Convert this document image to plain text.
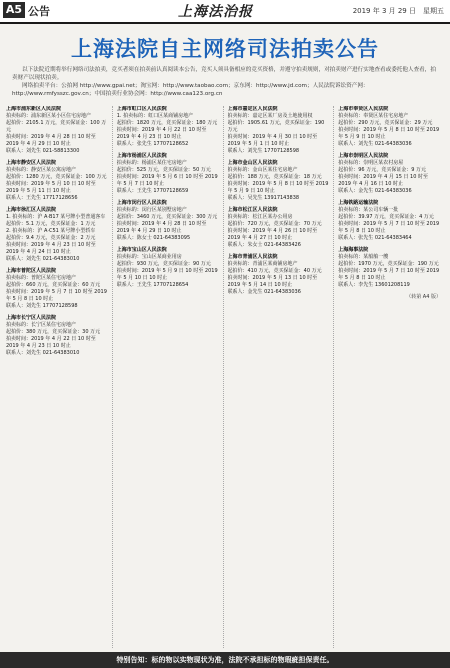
A5 公告	上海法治报	2019 年 3 月 29 日　星期五
上海法院自主网络司法拍卖公告

以下法院近期将举行网络司法拍卖，竞买者须在拍卖前认真阅读本公告，竞买人须具备相应的竞买资格，并遵守拍卖规则，对拍卖财产进行实地查看或委托他人查看，拍卖财产以现状拍卖。

网络拍卖平台：公拍网 http://www.gpai.net；淘宝网：http://www.taobao.com；京东网：http://www.jd.com；人民法院诉讼资产网：http://www.rmfysszc.gov.cn；中国拍卖行业协会网：http://www.caa123.org.cn

上海市浦东新区人民法院
拍卖标的：浦东新区某小区住宅房地产
起拍价：2105.1 万元，竞买保证金：100 万元
拍卖时间：2019 年 4 月 28 日 10 时至 2019 年 4 月 29 日 10 时止
联系人：刘先生 021-58813300
上海市静安区人民法院
拍卖标的：静安区某公寓房地产
起拍价：1280 万元，竞买保证金：100 万元
拍卖时间：2019 年 5 月 10 日 10 时至 2019 年 5 月 11 日 10 时止
联系人：王先生 17717128656
上海市徐汇区人民法院
1. 拍卖标的：沪 A·B17 某号牌小型普通客车
起拍价：5.1 万元，竞买保证金：1 万元
2. 拍卖标的：沪 A·C51 某号牌小型轿车
起拍价：9.4 万元，竞买保证金：2 万元
拍卖时间：2019 年 4 月 23 日 10 时至 2019 年 4 月 24 日 10 时止
联系人：刘先生 021-64383010
上海市普陀区人民法院
拍卖标的：普陀区某住宅房地产
起拍价：660 万元，竞买保证金：60 万元
拍卖时间：2019 年 5 月 7 日 10 时至 2019 年 5 月 8 日 10 时止
联系人：刘先生 17707128598
上海市长宁区人民法院
拍卖标的：长宁区某住宅房地产
起拍价：380 万元，竞买保证金：30 万元
拍卖时间：2019 年 4 月 22 日 10 时至 2019 年 4 月 23 日 10 时止
联系人：刘先生 021-64383010
上海市虹口区人民法院
1. 拍卖标的：虹口区某商铺房地产
起拍价：1820 万元，竞买保证金：180 万元
拍卖时间：2019 年 4 月 22 日 10 时至 2019 年 4 月 23 日 10 时止
联系人：张先生 17707128652
上海市杨浦区人民法院
拍卖标的：杨浦区某住宅房地产
起拍价：525 万元，竞买保证金：50 万元
拍卖时间：2019 年 5 月 6 日 10 时至 2019 年 5 月 7 日 10 时止
联系人：王先生 17707128659
上海市闵行区人民法院
拍卖标的：闵行区某别墅房地产
起拍价：3460 万元，竞买保证金：300 万元
拍卖时间：2019 年 4 月 28 日 10 时至 2019 年 4 月 29 日 10 时止
联系人：陈女士 021-64383095
上海市宝山区人民法院
拍卖标的：宝山区某商业用房
起拍价：930 万元，竞买保证金：90 万元
拍卖时间：2019 年 5 月 9 日 10 时至 2019 年 5 月 10 日 10 时止
联系人：王先生 17707128654
上海市嘉定区人民法院
拍卖标的：嘉定区某厂房及土地使用权
起拍价：1905.61 万元，竞买保证金：190 万元
拍卖时间：2019 年 4 月 30 日 10 时至 2019 年 5 月 1 日 10 时止
联系人：刘先生 17707128598
上海市金山区人民法院
拍卖标的：金山区某住宅房地产
起拍价：188 万元，竞买保证金：18 万元
拍卖时间：2019 年 5 月 8 日 10 时至 2019 年 5 月 9 日 10 时止
联系人：吴先生 13917143838
上海市松江区人民法院
拍卖标的：松江区某办公用房
起拍价：720 万元，竞买保证金：70 万元
拍卖时间：2019 年 4 月 26 日 10 时至 2019 年 4 月 27 日 10 时止
联系人：朱女士 021-64383426
上海市青浦区人民法院
拍卖标的：青浦区某商铺房地产
起拍价：410 万元，竞买保证金：40 万元
拍卖时间：2019 年 5 月 13 日 10 时至 2019 年 5 月 14 日 10 时止
联系人：金先生 021-64383036
上海市奉贤区人民法院
拍卖标的：奉贤区某住宅房地产
起拍价：290 万元，竞买保证金：29 万元
拍卖时间：2019 年 5 月 8 日 10 时至 2019 年 5 月 9 日 10 时止
联系人：刘先生 021-64383036
上海市崇明区人民法院
拍卖标的：崇明区某农村房屋
起拍价：96 万元，竞买保证金：9 万元
拍卖时间：2019 年 4 月 15 日 10 时至 2019 年 4 月 16 日 10 时止
联系人：金先生 021-64383036
上海铁路运输法院
拍卖标的：某公司车辆一批
起拍价：39.97 万元，竞买保证金：4 万元
拍卖时间：2019 年 5 月 7 日 10 时至 2019 年 5 月 8 日 10 时止
联系人：张先生 021-64383464
上海海事法院
拍卖标的：某船舶一艘
起拍价：1970 万元，竞买保证金：190 万元
拍卖时间：2019 年 5 月 7 日 10 时至 2019 年 5 月 8 日 10 时止
联系人：李先生 13601208119
（转第 A4 版）
特别告知：标的物以实物现状为准，法院不承担标的物瑕疵担保责任。
